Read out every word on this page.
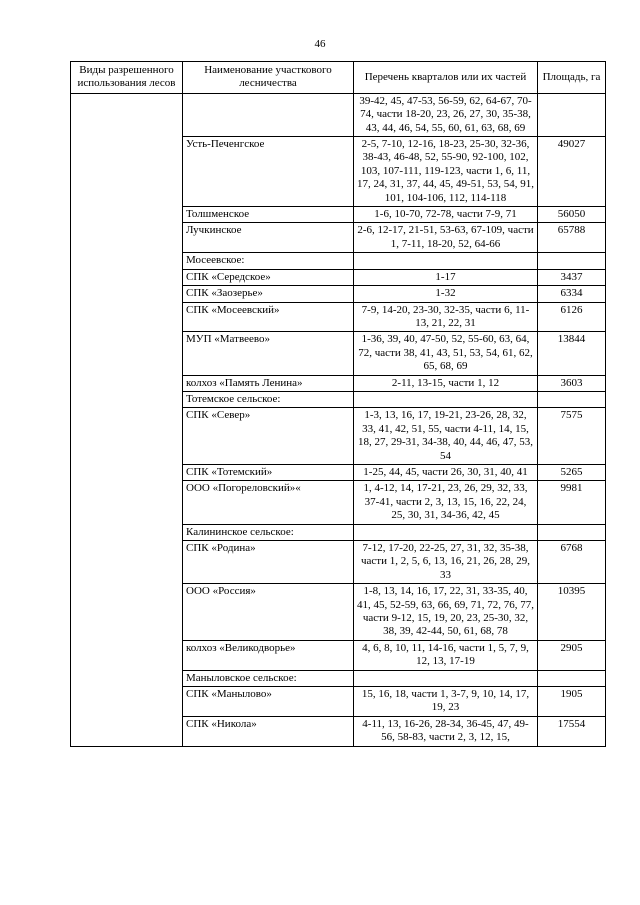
46
Виды разрешенного использования лесов	Наименование участкового лесничества	Перечень кварталов или их частей	Площадь, га
		39-42, 45, 47-53, 56-59, 62, 64-67, 70-74, части 18-20, 23, 26, 27, 30, 35-38, 43, 44, 46, 54, 55, 60, 61, 63, 68, 69	
	Усть-Печенгское	2-5, 7-10, 12-16, 18-23, 25-30, 32-36, 38-43, 46-48, 52, 55-90, 92-100, 102, 103, 107-111, 119-123, части 1, 6, 11, 17, 24, 31, 37, 44, 45, 49-51, 53, 54, 91, 101, 104-106, 112, 114-118	49027
	Толшменское	1-6, 10-70, 72-78, части 7-9, 71	56050
	Лучкинское	2-6, 12-17, 21-51, 53-63, 67-109, части 1, 7-11, 18-20, 52, 64-66	65788
	Мосеевское:		
	СПК «Середское»	1-17	3437
	СПК «Заозерье»	1-32	6334
	СПК «Мосеевский»	7-9, 14-20, 23-30, 32-35, части 6, 11-13, 21, 22, 31	6126
	МУП «Матвеево»	1-36, 39, 40, 47-50, 52, 55-60, 63, 64, 72, части 38, 41, 43, 51, 53, 54, 61, 62, 65, 68, 69	13844
	колхоз «Память Ленина»	2-11, 13-15, части 1, 12	3603
	Тотемское сельское:		
	СПК «Север»	1-3, 13, 16, 17, 19-21, 23-26, 28, 32, 33, 41, 42, 51, 55, части 4-11, 14, 15, 18, 27, 29-31, 34-38, 40, 44, 46, 47, 53, 54	7575
	СПК «Тотемский»	1-25, 44, 45, части 26, 30, 31, 40, 41	5265
	ООО «Погореловский»«	1, 4-12, 14, 17-21, 23, 26, 29, 32, 33, 37-41, части 2, 3, 13, 15, 16, 22, 24, 25, 30, 31, 34-36, 42, 45	9981
	Калининское сельское:		
	СПК «Родина»	7-12, 17-20, 22-25, 27, 31, 32, 35-38, части 1, 2, 5, 6, 13, 16, 21, 26, 28, 29, 33	6768
	ООО «Россия»	1-8, 13, 14, 16, 17, 22, 31, 33-35, 40, 41, 45, 52-59, 63, 66, 69, 71, 72, 76, 77, части 9-12, 15, 19, 20, 23, 25-30, 32, 38, 39, 42-44, 50, 61, 68, 78	10395
	колхоз «Великодворье»	4, 6, 8, 10, 11, 14-16, части 1, 5, 7, 9, 12, 13, 17-19	2905
	Маныловское сельское:		
	СПК «Манылово»	15, 16, 18, части 1, 3-7, 9, 10, 14, 17, 19, 23	1905
	СПК «Никола»	4-11, 13, 16-26, 28-34, 36-45, 47, 49-56, 58-83, части 2, 3, 12, 15,	17554
